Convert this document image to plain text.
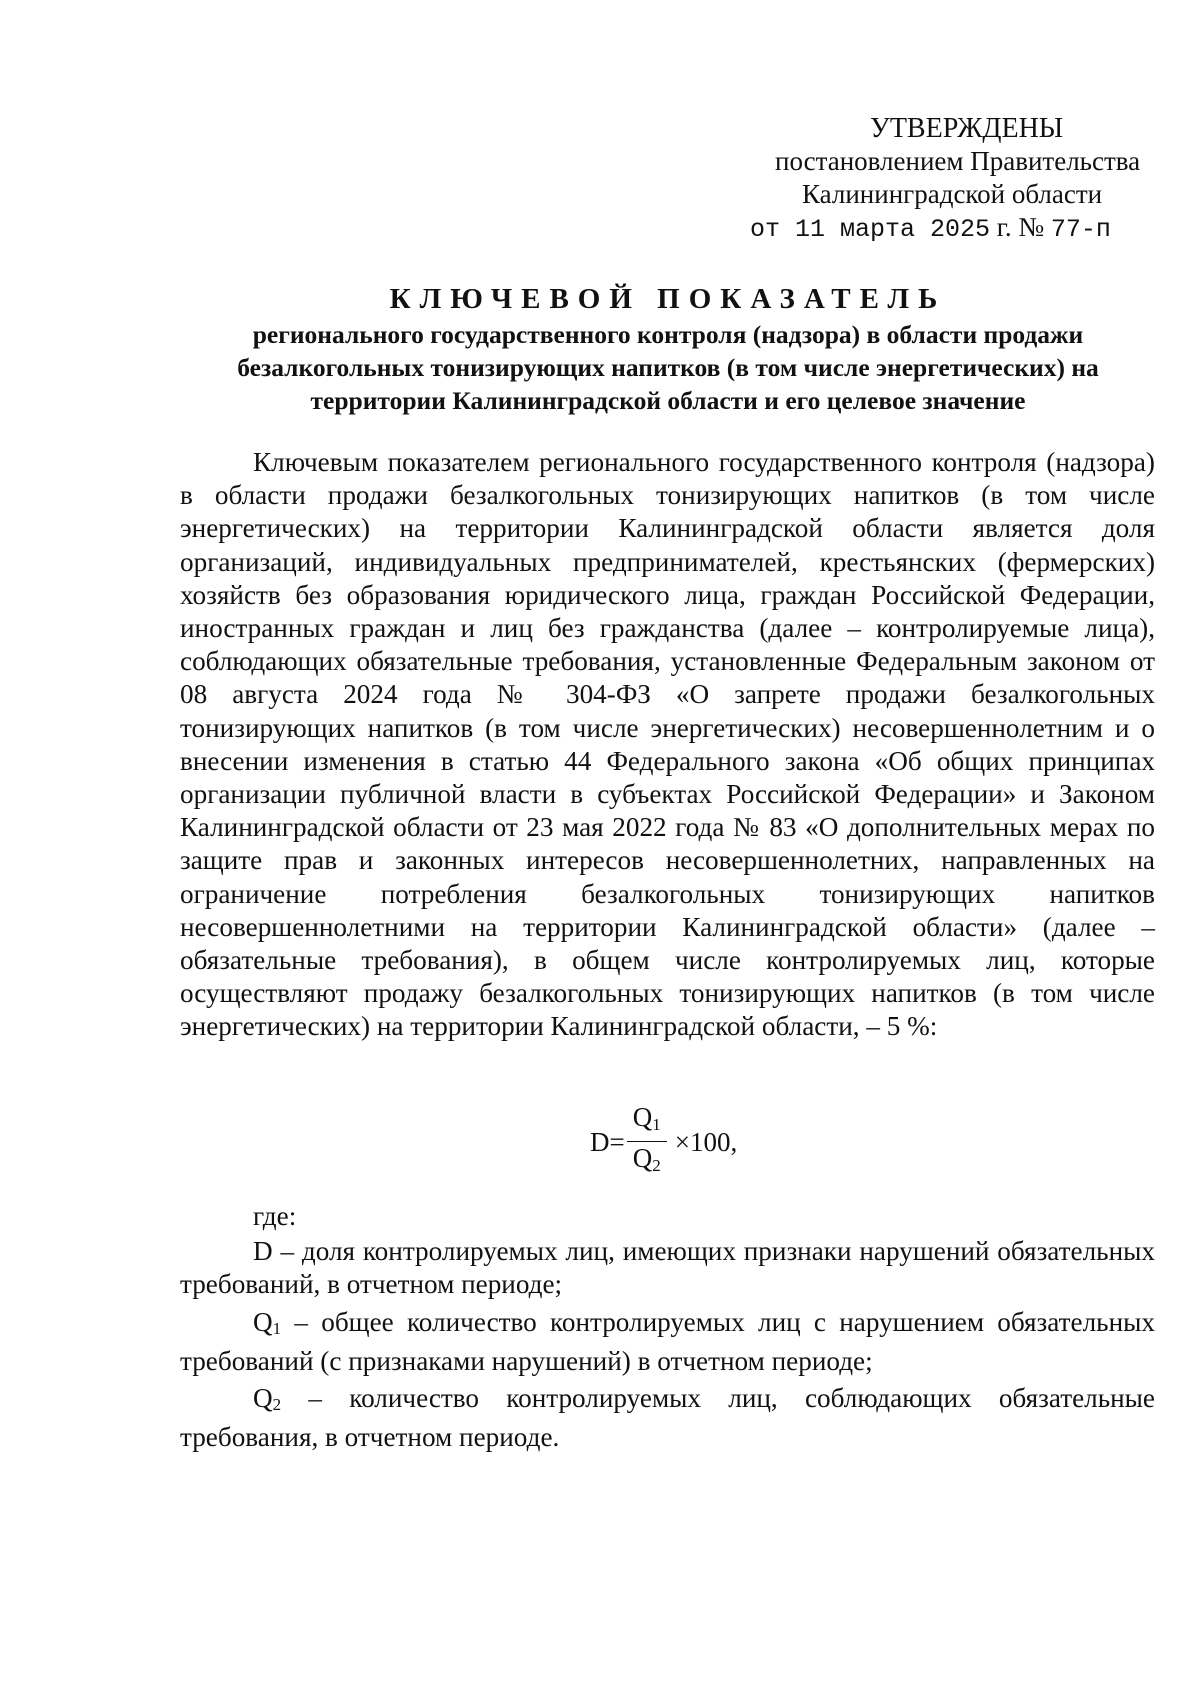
УТВЕРЖДЕНЫ
постановлением Правительства
Калининградской области
от 11 марта 2025 г. № 77-п
КЛЮЧЕВОЙ ПОКАЗАТЕЛЬ
регионального государственного контроля (надзора) в области продажи безалкогольных тонизирующих напитков (в том числе энергетических) на территории Калининградской области и его целевое значение

Ключевым показателем регионального государственного контроля (надзора) в области продажи безалкогольных тонизирующих напитков (в том числе энергетических) на территории Калининградской области является доля организаций, индивидуальных предпринимателей, крестьянских (фермерских) хозяйств без образования юридического лица, граждан Российской Федерации, иностранных граждан и лиц без гражданства (далее – контролируемые лица), соблюдающих обязательные требования, установленные Федеральным законом от 08 августа 2024 года № 304-ФЗ «О запрете продажи безалкогольных тонизирующих напитков (в том числе энергетических) несовершеннолетним и о внесении изменения в статью 44 Федерального закона «Об общих принципах организации публичной власти в субъектах Российской Федерации» и Законом Калининградской области от 23 мая 2022 года № 83 «О дополнительных мерах по защите прав и законных интересов несовершеннолетних, направленных на ограничение потребления безалкогольных тонизирующих напитков несовершеннолетними на территории Калининградской области» (далее – обязательные требования), в общем числе контролируемых лиц, которые осуществляют продажу безалкогольных тонизирующих напитков (в том числе энергетических) на территории Калининградской области, – 5 %:

$D= \frac{Q_1}{Q_2} \times 100$,

где:

D – доля контролируемых лиц, имеющих признаки нарушений обязательных требований, в отчетном периоде;

$Q_1$ – общее количество контролируемых лиц с нарушением обязательных требований (с признаками нарушений) в отчетном периоде;

$Q_2$ – количество контролируемых лиц, соблюдающих обязательные требования, в отчетном периоде.
